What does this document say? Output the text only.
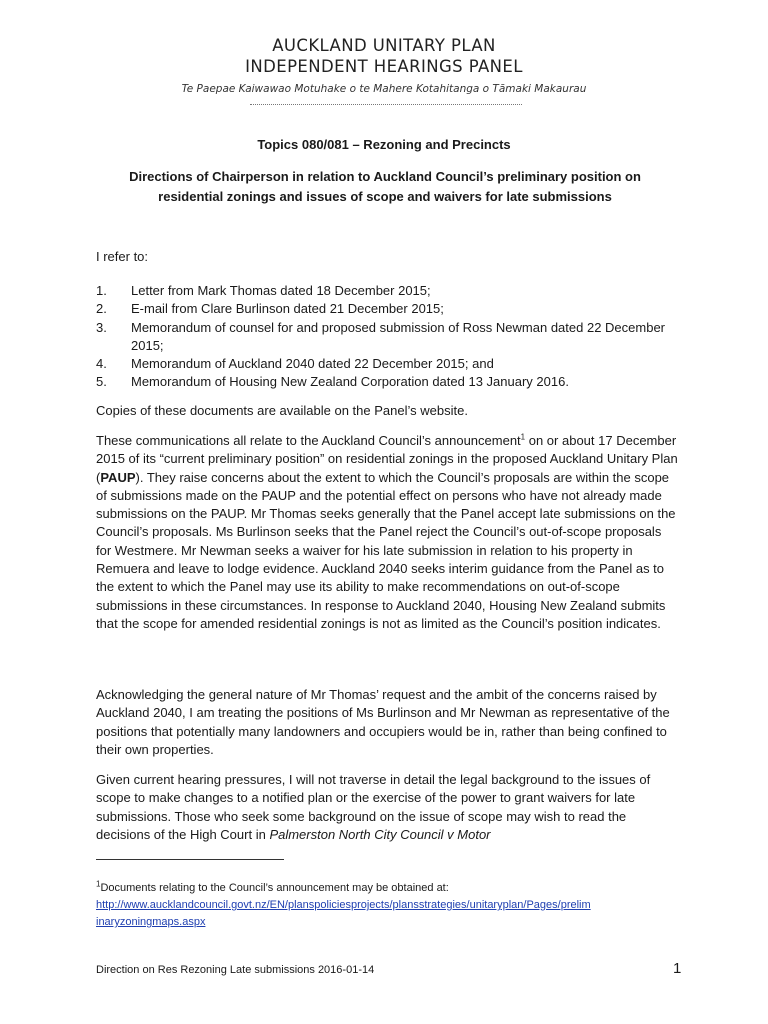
AUCKLAND UNITARY PLAN
INDEPENDENT HEARINGS PANEL
Te Paepae Kaiwawao Motuhake o te Mahere Kotahitanga o Tāmaki Makaurau
Topics 080/081 – Rezoning and Precincts
Directions of Chairperson in relation to Auckland Council’s preliminary position on residential zonings and issues of scope and waivers for late submissions

I refer to:

1.	Letter from Mark Thomas dated 18 December 2015;
2.	E-mail from Clare Burlinson dated 21 December 2015;
3.	Memorandum of counsel for and proposed submission of Ross Newman dated 22 December 2015;
4.	Memorandum of Auckland 2040 dated 22 December 2015; and
5.	Memorandum of Housing New Zealand Corporation dated 13 January 2016.

Copies of these documents are available on the Panel’s website.

These communications all relate to the Auckland Council’s announcement$^1$ on or about 17 December 2015 of its “current preliminary position” on residential zonings in the proposed Auckland Unitary Plan (PAUP). They raise concerns about the extent to which the Council’s proposals are within the scope of submissions made on the PAUP and the potential effect on persons who have not already made submissions on the PAUP. Mr Thomas seeks generally that the Panel accept late submissions on the Council’s proposals. Ms Burlinson seeks that the Panel reject the Council’s out-of-scope proposals for Westmere. Mr Newman seeks a waiver for his late submission in relation to his property in Remuera and leave to lodge evidence. Auckland 2040 seeks interim guidance from the Panel as to the extent to which the Panel may use its ability to make recommendations on out-of-scope submissions in these circumstances. In response to Auckland 2040, Housing New Zealand submits that the scope for amended residential zonings is not as limited as the Council’s position indicates.

Acknowledging the general nature of Mr Thomas’ request and the ambit of the concerns raised by Auckland 2040, I am treating the positions of Ms Burlinson and Mr Newman as representative of the positions that potentially many landowners and occupiers would be in, rather than being confined to their own properties.

Given current hearing pressures, I will not traverse in detail the legal background to the issues of scope to make changes to a notified plan or the exercise of the power to grant waivers for late submissions. Those who seek some background on the issue of scope may wish to read the decisions of the High Court in Palmerston North City Council v Motor

$^1$Documents relating to the Council’s announcement may be obtained at:
http://www.aucklandcouncil.govt.nz/EN/planspoliciesprojects/plansstrategies/unitaryplan/Pages/prelim
inaryzoningmaps.aspx
Direction on Res Rezoning Late submissions 2016-01-14	1
